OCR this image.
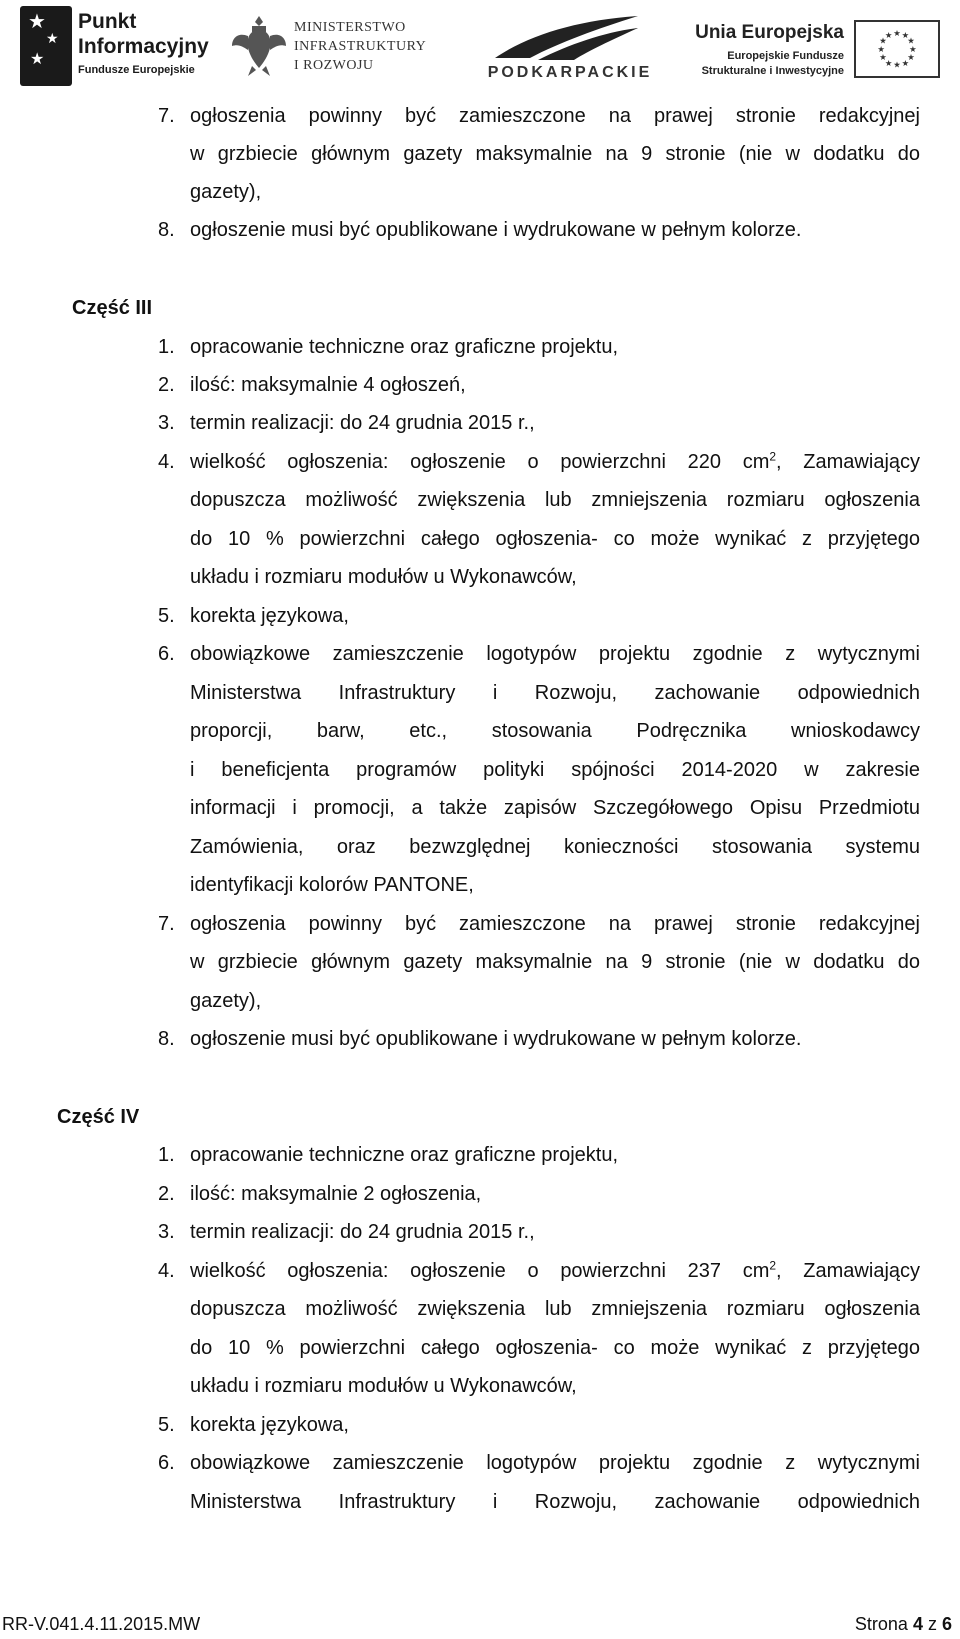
★
★
★
Punkt
Informacyjny
Fundusze Europejskie
MINISTERSTWO
INFRASTRUKTURY
I ROZWOJU	PODKARPACKIE
Unia Europejska
Europejskie Fundusze
Strukturalne i Inwestycyjne
★ ★
★
★
★
★
★
★
★
★
★
★
7. ogłoszenia powinny być zamieszczone na prawej stronie redakcyjnej
w grzbiecie głównym gazety maksymalnie na 9 stronie (nie w dodatku do
gazety),
8. ogłoszenie musi być opublikowane i wydrukowane w pełnym kolorze.
Część III
1. opracowanie techniczne oraz graficzne projektu,
2. ilość: maksymalnie 4 ogłoszeń,
3. termin realizacji: do 24 grudnia 2015 r.,
4. wielkość ogłoszenia: ogłoszenie o powierzchni 220 $cm^2$, Zamawiający
dopuszcza możliwość zwiększenia lub zmniejszenia rozmiaru ogłoszenia
do 10 % powierzchni całego ogłoszenia- co może wynikać z przyjętego
układu i rozmiaru modułów u Wykonawców,
5. korekta językowa,
6. obowiązkowe zamieszczenie logotypów projektu zgodnie z wytycznymi
Ministerstwa Infrastruktury i Rozwoju, zachowanie odpowiednich
proporcji, barw, etc., stosowania Podręcznika wnioskodawcy
i beneficjenta programów polityki spójności 2014-2020 w zakresie
informacji i promocji, a także zapisów Szczegółowego Opisu Przedmiotu
Zamówienia, oraz bezwzględnej konieczności stosowania systemu
identyfikacji kolorów PANTONE,
7. ogłoszenia powinny być zamieszczone na prawej stronie redakcyjnej
w grzbiecie głównym gazety maksymalnie na 9 stronie (nie w dodatku do
gazety),
8. ogłoszenie musi być opublikowane i wydrukowane w pełnym kolorze.
Część IV
1. opracowanie techniczne oraz graficzne projektu,
2. ilość: maksymalnie 2 ogłoszenia,
3. termin realizacji: do 24 grudnia 2015 r.,
4. wielkość ogłoszenia: ogłoszenie o powierzchni 237 $cm^2$, Zamawiający
dopuszcza możliwość zwiększenia lub zmniejszenia rozmiaru ogłoszenia
do 10 % powierzchni całego ogłoszenia- co może wynikać z przyjętego
układu i rozmiaru modułów u Wykonawców,
5. korekta językowa,
6. obowiązkowe zamieszczenie logotypów projektu zgodnie z wytycznymi
Ministerstwa Infrastruktury i Rozwoju, zachowanie odpowiednich
RR-V.041.4.11.2015.MW	Strona 4 z 6
